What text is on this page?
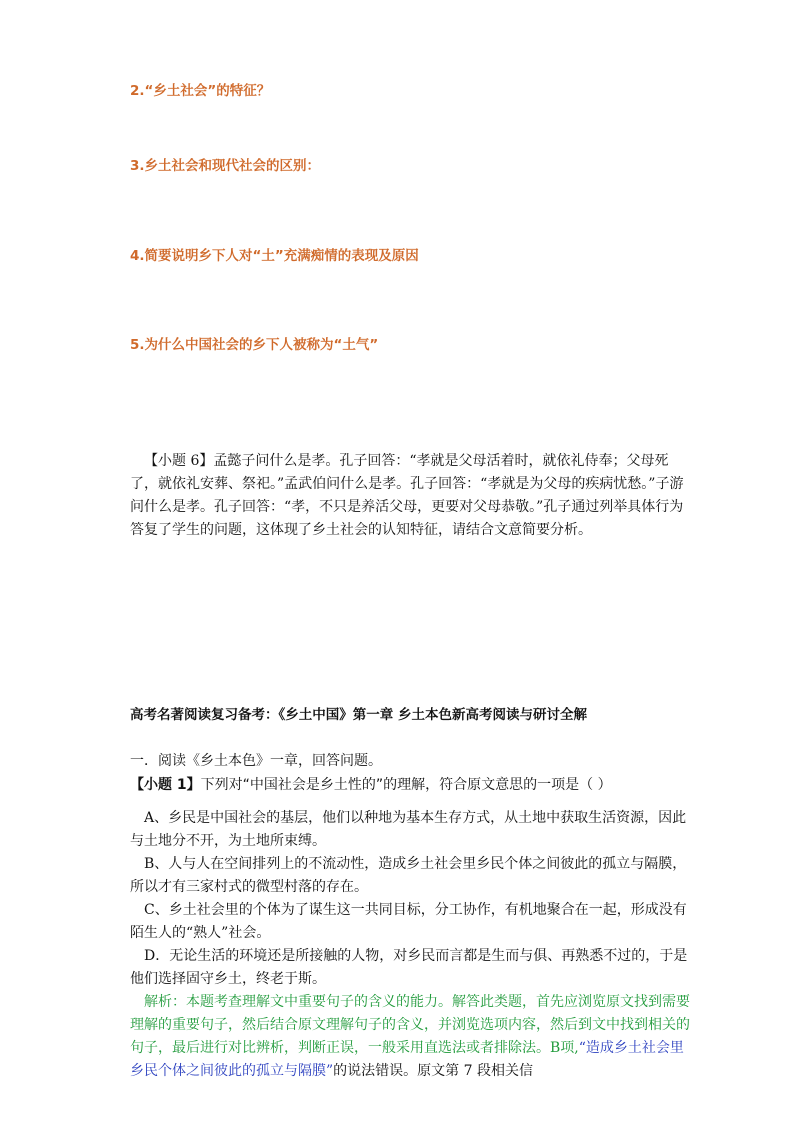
2.“乡土社会”的特征？
3.乡土社会和现代社会的区别：
4.简要说明乡下人对“土”充满痴情的表现及原因
5.为什么中国社会的乡下人被称为“土气”
【小题 6】孟懿子问什么是孝。孔子回答：“孝就是父母活着时，就依礼侍奉；父母死了，就依礼安葬、祭祀。”孟武伯问什么是孝。孔子回答：“孝就是为父母的疾病忧愁。”子游问什么是孝。孔子回答：“孝，不只是养活父母，更要对父母恭敬。”孔子通过列举具体行为答复了学生的问题，这体现了乡土社会的认知特征，请结合文意简要分析。
高考名著阅读复习备考：《乡土中国》第一章 乡土本色新高考阅读与研讨全解
一．阅读《乡土本色》一章，回答问题。
【小题 1】下列对“中国社会是乡土性的”的理解，符合原文意思的一项是（ ）
A、乡民是中国社会的基层，他们以种地为基本生存方式，从土地中获取生活资源，因此与土地分不开，为土地所束缚。
B、人与人在空间排列上的不流动性，造成乡土社会里乡民个体之间彼此的孤立与隔膜，所以才有三家村式的微型村落的存在。
C、乡土社会里的个体为了谋生这一共同目标，分工协作，有机地聚合在一起，形成没有陌生人的“熟人”社会。
D．无论生活的环境还是所接触的人物，对乡民而言都是生而与俱、再熟悉不过的，于是他们选择固守乡土，终老于斯。
解析：本题考查理解文中重要句子的含义的能力。解答此类题，首先应浏览原文找到需要理解的重要句子，然后结合原文理解句子的含义，并浏览选项内容，然后到文中找到相关的句子，最后进行对比辨析，判断正误，一般采用直选法或者排除法。B项,“造成乡土社会里乡民个体之间彼此的孤立与隔膜”的说法错误。原文第 7 段相关信
